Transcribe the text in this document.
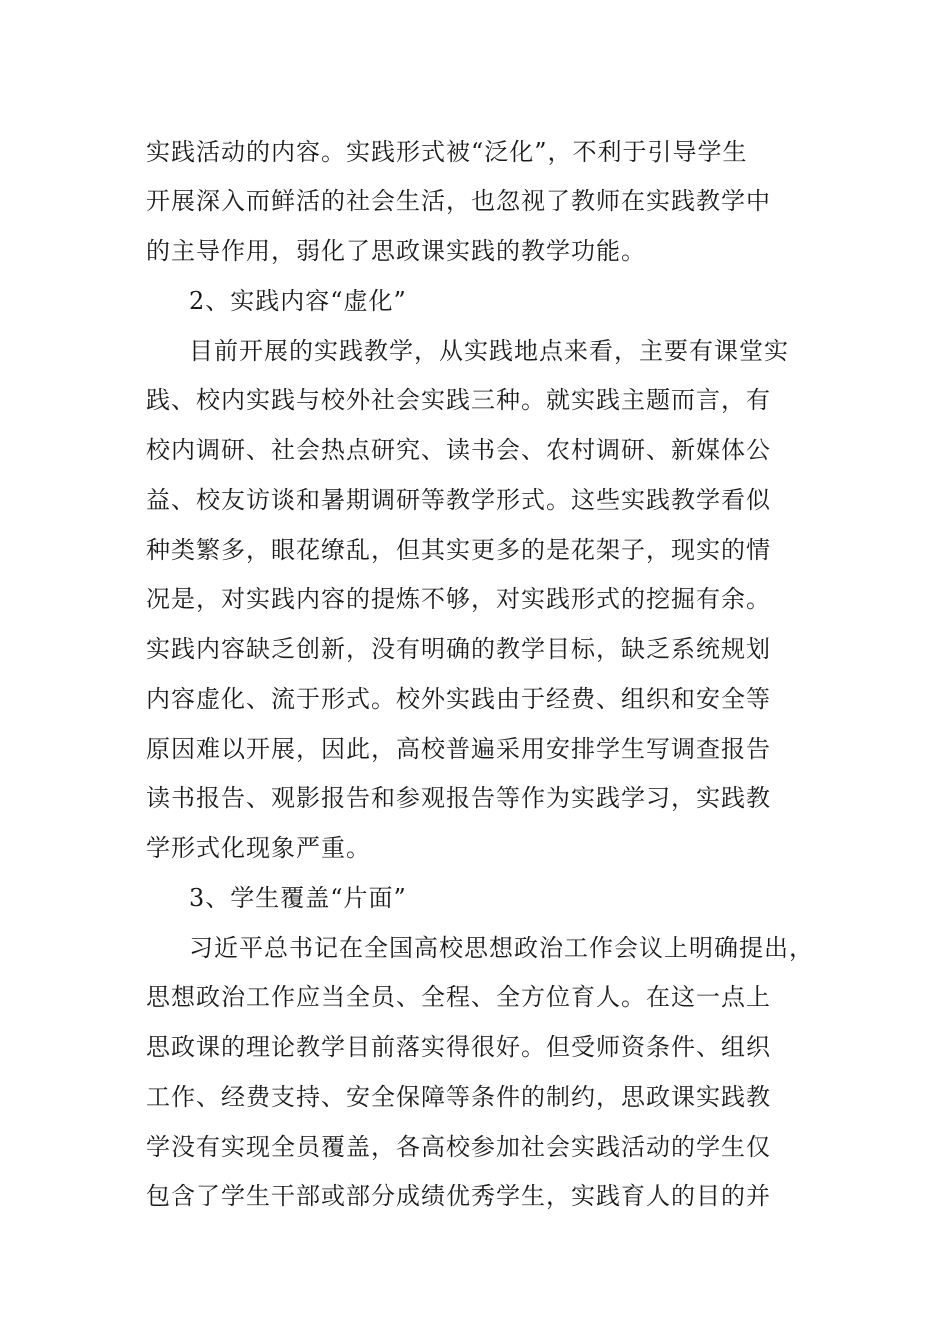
实践活动的内容。实践形式被“泛化”，不利于引导学生
开展深入而鲜活的社会生活，也忽视了教师在实践教学中
的主导作用，弱化了思政课实践的教学功能。
2、实践内容“虚化”
目前开展的实践教学，从实践地点来看，主要有课堂实
践、校内实践与校外社会实践三种。就实践主题而言，有
校内调研、社会热点研究、读书会、农村调研、新媒体公
益、校友访谈和暑期调研等教学形式。这些实践教学看似
种类繁多，眼花缭乱，但其实更多的是花架子，现实的情
况是，对实践内容的提炼不够，对实践形式的挖掘有余。
实践内容缺乏创新，没有明确的教学目标，缺乏系统规划
内容虚化、流于形式。校外实践由于经费、组织和安全等
原因难以开展，因此，高校普遍采用安排学生写调查报告
读书报告、观影报告和参观报告等作为实践学习，实践教
学形式化现象严重。
3、学生覆盖“片面”
习近平总书记在全国高校思想政治工作会议上明确提出，
思想政治工作应当全员、全程、全方位育人。在这一点上
思政课的理论教学目前落实得很好。但受师资条件、组织
工作、经费支持、安全保障等条件的制约，思政课实践教
学没有实现全员覆盖，各高校参加社会实践活动的学生仅
包含了学生干部或部分成绩优秀学生，实践育人的目的并
